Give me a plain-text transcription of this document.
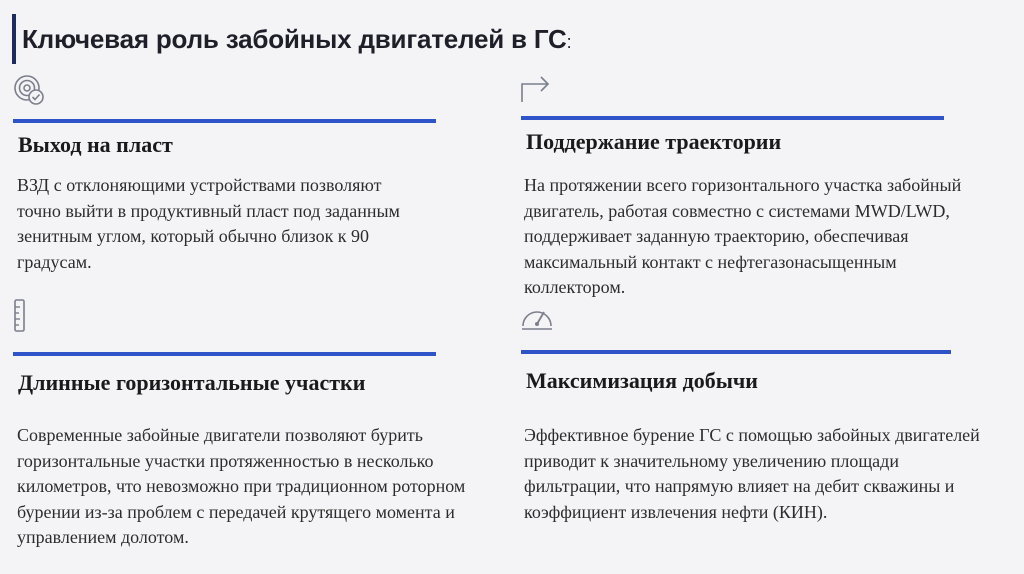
Ключевая роль забойных двигателей в ГС:
Выход на пласт
ВЗД с отклоняющими устройствами позволяют точно выйти в продуктивный пласт под заданным зенитным углом, который обычно близок к 90 градусам.
Поддержание траектории
На протяжении всего горизонтального участка забойный двигатель, работая совместно с системами MWD/LWD, поддерживает заданную траекторию, обеспечивая максимальный контакт с нефтегазонасыщенным коллектором.
Длинные горизонтальные участки
Современные забойные двигатели позволяют бурить горизонтальные участки протяженностью в несколько километров, что невозможно при традиционном роторном бурении из-за проблем с передачей крутящего момента и управлением долотом.
Максимизация добычи
Эффективное бурение ГС с помощью забойных двигателей приводит к значительному увеличению площади фильтрации, что напрямую влияет на дебит скважины и коэффициент извлечения нефти (КИН).
